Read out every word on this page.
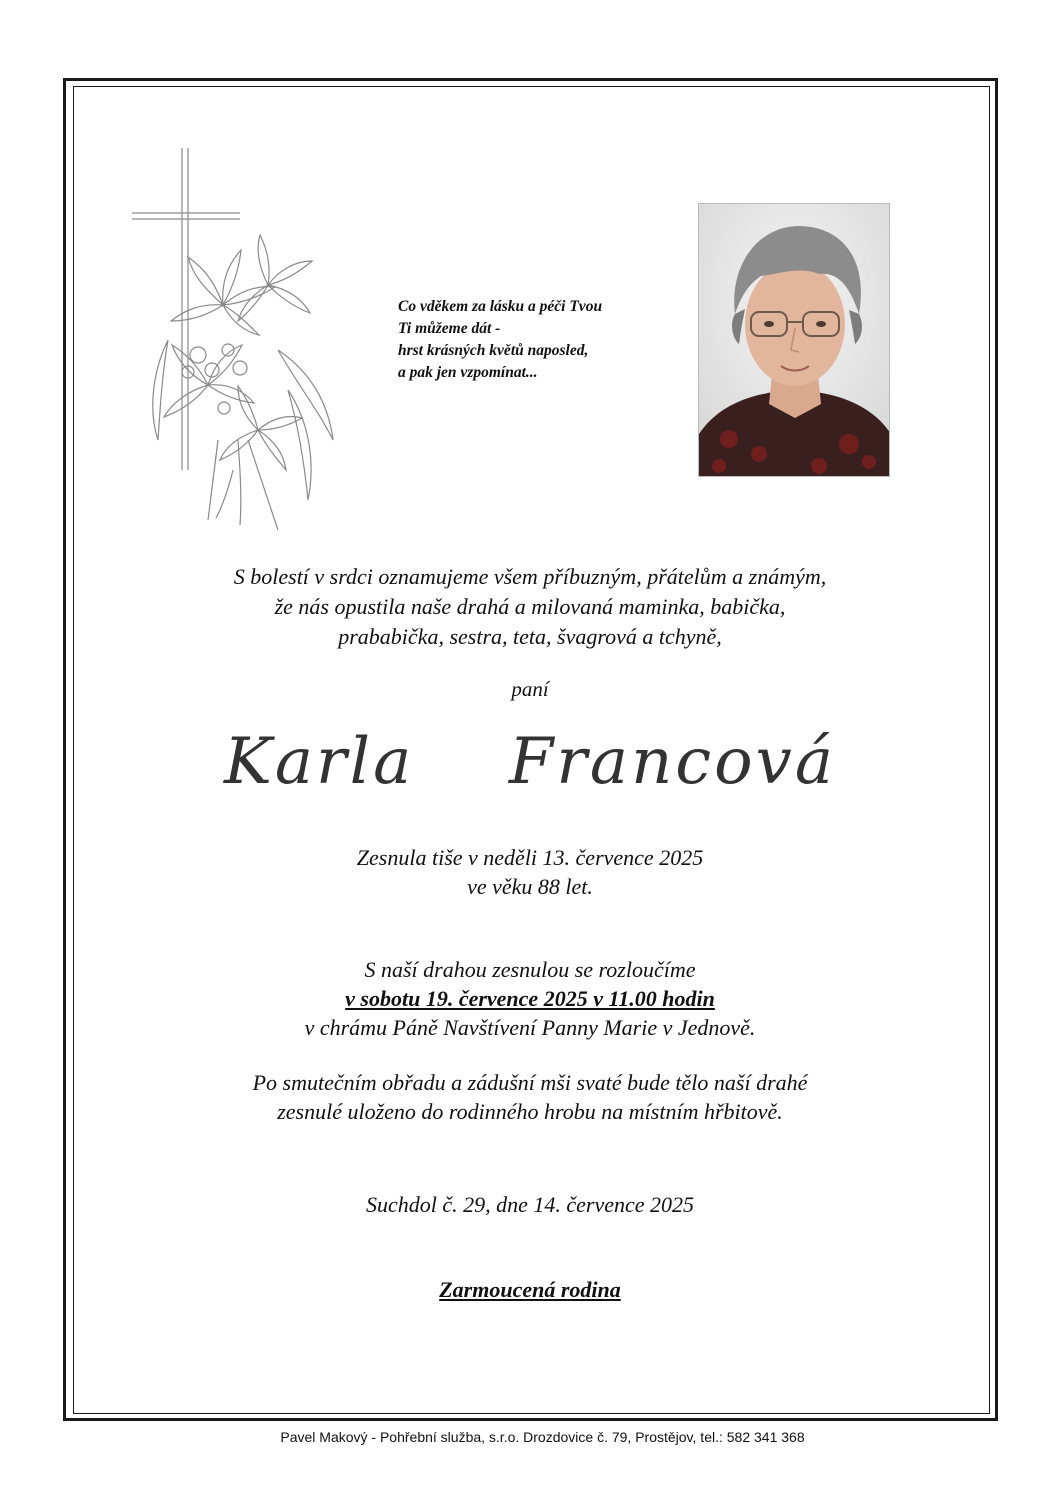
Co vděkem za lásku a péči Tvou
Ti můžeme dát -
hrst krásných květů naposled,
a pak jen vzpomínat...
S bolestí v srdci oznamujeme všem příbuzným, přátelům a známým,
že nás opustila naše drahá a milovaná maminka, babička,
prababička, sestra, teta, švagrová a tchyně,
paní
Karla  Francová
Zesnula tiše v neděli 13. července 2025
ve věku 88 let.
S naší drahou zesnulou se rozloučíme
v sobotu 19. července 2025 v 11.00 hodin
v chrámu Páně Navštívení Panny Marie v Jednově.
Po smutečním obřadu a zádušní mši svaté bude tělo naší drahé
zesnulé uloženo do rodinného hrobu na místním hřbitově.
Suchdol č. 29, dne 14. července 2025
Zarmoucená rodina
Pavel Makový - Pohřební služba, s.r.o. Drozdovice č. 79, Prostějov, tel.: 582 341 368
